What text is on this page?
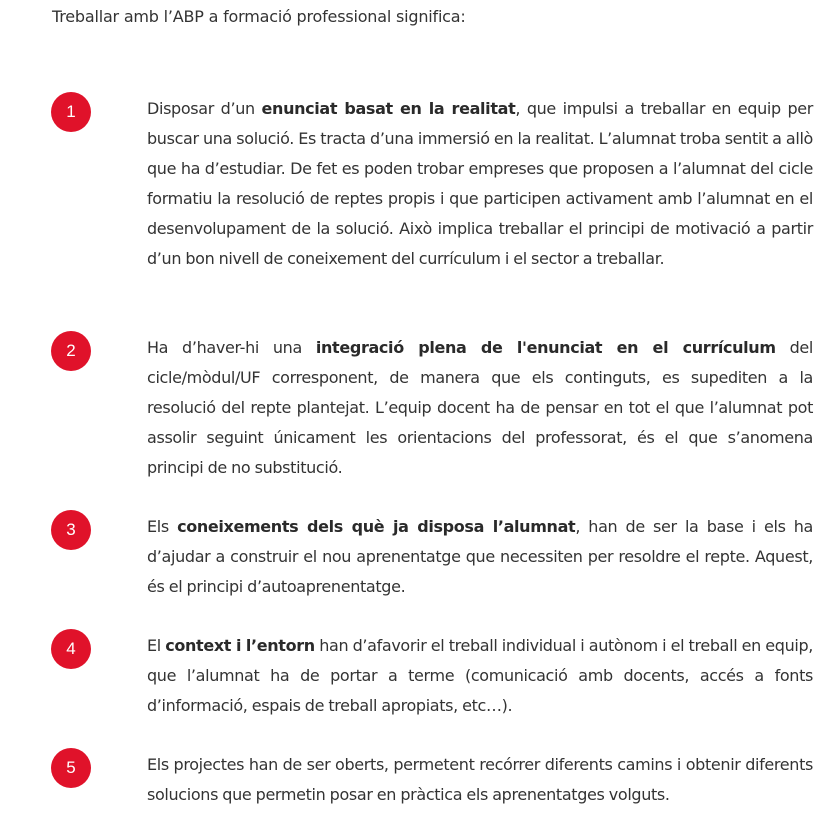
Treballar amb l’ABP a formació professional significa:

1	Disposar d’un enunciat basat en la realitat, que impulsi a treballar en equip per buscar una solució. Es tracta d’una immersió en la realitat. L’alumnat troba sentit a allò que ha d’estudiar. De fet es poden trobar empreses que proposen a l’alumnat del cicle formatiu la resolució de reptes propis i que participen activament amb l’alumnat en el desenvolupament de la solució. Això implica treballar el principi de motivació a partir d’un bon nivell de coneixement del currículum i el sector a treballar.

2	Ha d’haver-hi una integració plena de l'enunciat en el currículum del cicle/mòdul/UF corresponent, de manera que els continguts, es supediten a la resolució del repte plantejat. L’equip docent ha de pensar en tot el que l’alumnat pot assolir seguint únicament les orientacions del professorat, és el que s’anomena principi de no substitució.

3	Els coneixements dels què ja disposa l’alumnat, han de ser la base i els ha d’ajudar a construir el nou aprenentatge que necessiten per resoldre el repte. Aquest, és el principi d’autoaprenentatge.

4	El context i l’entorn han d’afavorir el treball individual i autònom i el treball en equip, que l’alumnat ha de portar a terme (comunicació amb docents, accés a fonts d’informació, espais de treball apropiats, etc…).

5	Els projectes han de ser oberts, permetent recórrer diferents camins i obtenir diferents solucions que permetin posar en pràctica els aprenentatges volguts.
